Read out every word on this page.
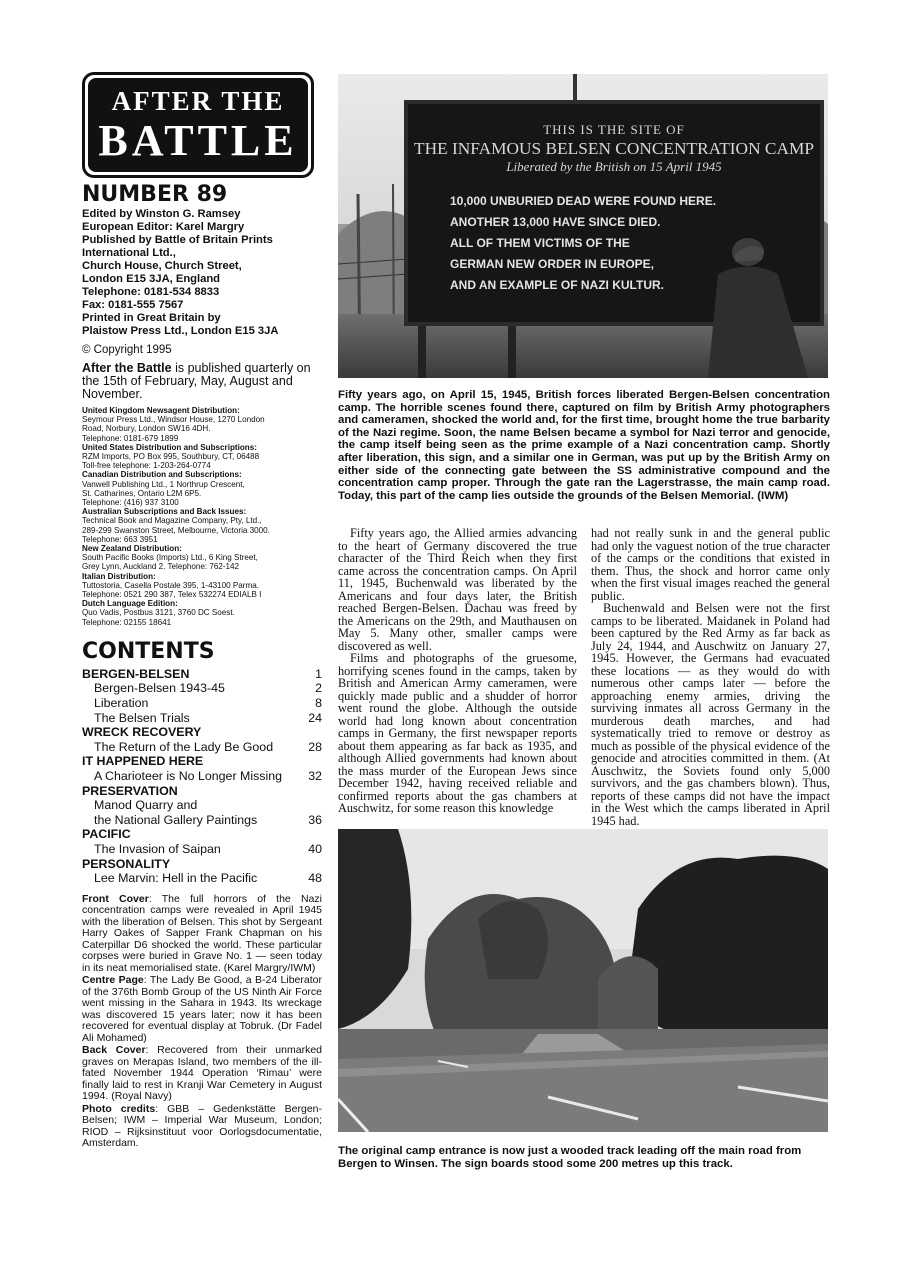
AFTER THE
BATTLE
NUMBER 89

Edited by Winston G. Ramsey

European Editor: Karel Margry

Published by Battle of Britain Prints

International Ltd.,

Church House, Church Street,

London E15 3JA, England

Telephone: 0181-534 8833

Fax: 0181-555 7567

Printed in Great Britain by

Plaistow Press Ltd., London E15 3JA

© Copyright 1995
After the Battle is published quarterly on the 15th of February, May, August and November.
United Kingdom Newsagent Distribution:
Seymour Press Ltd., Windsor House, 1270 London
Road, Norbury, London SW16 4DH.
Telephone: 0181-679 1899
United States Distribution and Subscriptions:
RZM Imports, PO Box 995, Southbury, CT, 06488
Toll-free telephone: 1-203-264-0774
Canadian Distribution and Subscriptions:
Vanwell Publishing Ltd., 1 Northrup Crescent,
St. Catharines, Ontario L2M 6P5.
Telephone: (416) 937 3100
Australian Subscriptions and Back Issues:
Technical Book and Magazine Company, Pty, Ltd.,
289-299 Swanston Street, Melbourne, Victoria 3000.
Telephone: 663 3951
New Zealand Distribution:
South Pacific Books (Imports) Ltd., 6 King Street,
Grey Lynn, Auckland 2. Telephone: 762-142
Italian Distribution:
Tuttostoria, Casella Postale 395, 1-43100 Parma.
Telephone: 0521 290 387, Telex 532274 EDIALB I
Dutch Language Edition:
Quo Vadis, Postbus 3121, 3760 DC Soest.
Telephone: 02155 18641
CONTENTS
BERGEN-BELSEN	1
Bergen-Belsen 1943-45	2
Liberation	8
The Belsen Trials	24
WRECK RECOVERY
The Return of the Lady Be Good	28
IT HAPPENED HERE
A Charioteer is No Longer Missing 32
PRESERVATION
Manod Quarry and
the National Gallery Paintings	36
PACIFIC
The Invasion of Saipan	40
PERSONALITY
Lee Marvin: Hell in the Pacific	48
Front Cover: The full horrors of the Nazi concentration camps were revealed in April 1945 with the liberation of Belsen. This shot by Sergeant Harry Oakes of Sapper Frank Chapman on his Caterpillar D6 shocked the world. These particular corpses were buried in Grave No. 1 — seen today in its neat memorialised state. (Karel Margry/IWM)
Centre Page: The Lady Be Good, a B-24 Liberator of the 376th Bomb Group of the US Ninth Air Force went missing in the Sahara in 1943. Its wreckage was discovered 15 years later; now it has been recovered for eventual display at Tobruk. (Dr Fadel Ali Mohamed)
Back Cover: Recovered from their unmarked graves on Merapas Island, two members of the ill-fated November 1944 Operation ‘Rimau’ were finally laid to rest in Kranji War Cemetery in August 1994. (Royal Navy)
Photo credits: GBB – Gedenkstätte Bergen-Belsen; IWM – Imperial War Museum, London; RIOD – Rijksinstituut voor Oorlogsdocumentatie, Amsterdam.
THIS IS THE SITE OF
THE INFAMOUS BELSEN CONCENTRATION CAMP
Liberated by the British on 15 April 1945
10,000 UNBURIED DEAD WERE FOUND HERE.
ANOTHER 13,000 HAVE SINCE DIED.
ALL OF THEM VICTIMS OF THE
GERMAN NEW ORDER IN EUROPE,
AND AN EXAMPLE OF NAZI KULTUR.
Fifty years ago, on April 15, 1945, British forces liberated Bergen-Belsen concentration camp. The horrible scenes found there, captured on film by British Army photographers and cameramen, shocked the world and, for the first time, brought home the true barbarity of the Nazi regime. Soon, the name Belsen became a symbol for Nazi terror and genocide, the camp itself being seen as the prime example of a Nazi concentration camp. Shortly after liberation, this sign, and a similar one in German, was put up by the British Army on either side of the connecting gate between the SS administrative compound and the concentration camp proper. Through the gate ran the Lagerstrasse, the main camp road. Today, this part of the camp lies outside the grounds of the Belsen Memorial. (IWM)

Fifty years ago, the Allied armies advancing to the heart of Germany discovered the true character of the Third Reich when they first came across the concentration camps. On April 11, 1945, Buchenwald was liberated by the Americans and four days later, the British reached Bergen-Belsen. Dachau was freed by the Americans on the 29th, and Mauthausen on May 5. Many other, smaller camps were discovered as well.

Films and photographs of the gruesome, horrifying scenes found in the camps, taken by British and American Army cameramen, were quickly made public and a shudder of horror went round the globe. Although the outside world had long known about concentration camps in Germany, the first newspaper reports about them appearing as far back as 1935, and although Allied governments had known about the mass murder of the European Jews since December 1942, having received reliable and confirmed reports about the gas chambers at Auschwitz, for some reason this knowledge

had not really sunk in and the general public had only the vaguest notion of the true character of the camps or the conditions that existed in them. Thus, the shock and horror came only when the first visual images reached the general public.

Buchenwald and Belsen were not the first camps to be liberated. Maidanek in Poland had been captured by the Red Army as far back as July 24, 1944, and Auschwitz on January 27, 1945. However, the Germans had evacuated these locations — as they would do with numerous other camps later — before the approaching enemy armies, driving the surviving inmates all across Germany in the murderous death marches, and had systematically tried to remove or destroy as much as possible of the physical evidence of the genocide and atrocities committed in them. (At Auschwitz, the Soviets found only 5,000 survivors, and the gas chambers blown). Thus, reports of these camps did not have the impact in the West which the camps liberated in April 1945 had.

The original camp entrance is now just a wooded track leading off the main road from Bergen to Winsen. The sign boards stood some 200 metres up this track.
